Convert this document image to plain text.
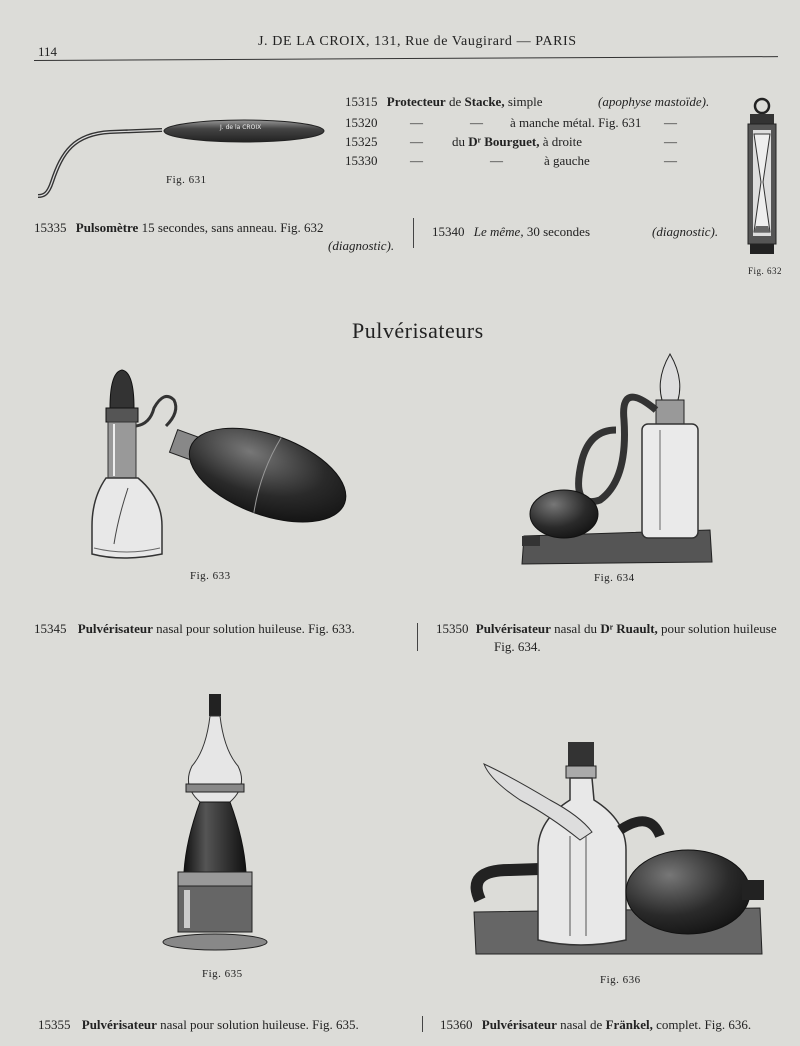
114
J. DE LA CROIX, 131, Rue de Vaugirard — PARIS
J. de la CROIX
Fig. 631
15315 Protecteur de Stacke, simple	(apophyse mastoïde).
15320	—	— à manche métal. Fig. 631 —
15325	— du Dʳ Bourguet, à droite	—
15330	—	—	à gauche	—
Fig. 632
15335 Pulsomètre 15 secondes, sans anneau. Fig. 632
(diagnostic).
15340 Le même, 30 secondes	(diagnostic).
Pulvérisateurs
Fig. 633	Fig. 634
15345 Pulvérisateur nasal pour solution huileuse. Fig. 633.	15350 Pulvérisateur nasal du Dʳ Ruault, pour solution huileuse
Fig. 634.
Fig. 635	Fig. 636
15355 Pulvérisateur nasal pour solution huileuse. Fig. 635.	15360 Pulvérisateur nasal de Fränkel, complet. Fig. 636.
